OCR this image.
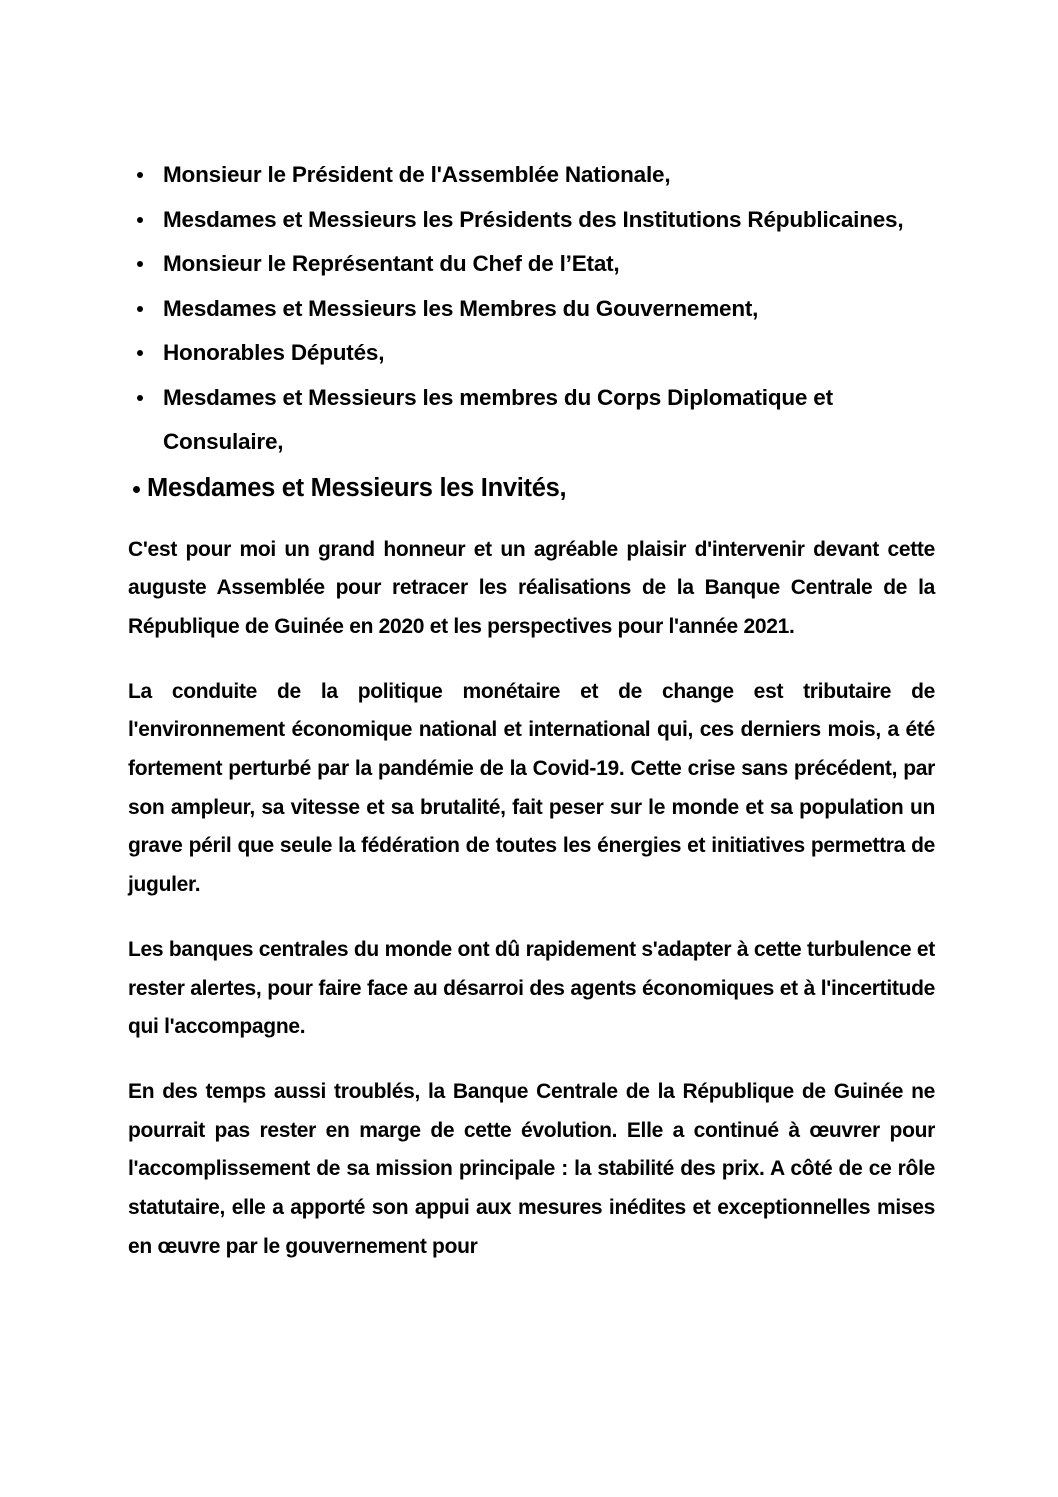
Monsieur le Président de l'Assemblée Nationale,
Mesdames et Messieurs les Présidents des Institutions Républicaines,
Monsieur le Représentant du Chef de l’Etat,
Mesdames et Messieurs les Membres du Gouvernement,
Honorables Députés,
Mesdames et Messieurs les membres du Corps Diplomatique et Consulaire,
Mesdames et Messieurs les Invités,

C'est pour moi un grand honneur et un agréable plaisir d'intervenir devant cette auguste Assemblée pour retracer les réalisations de la Banque Centrale de la République de Guinée en 2020 et les perspectives pour l'année 2021.

La conduite de la politique monétaire et de change est tributaire de l'environnement économique national et international qui, ces derniers mois, a été fortement perturbé par la pandémie de la Covid-19. Cette crise sans précédent, par son ampleur, sa vitesse et sa brutalité, fait peser sur le monde et sa population un grave péril que seule la fédération de toutes les énergies et initiatives permettra de juguler.

Les banques centrales du monde ont dû rapidement s'adapter à cette turbulence et rester alertes, pour faire face au désarroi des agents économiques et à l'incertitude qui l'accompagne.

En des temps aussi troublés, la Banque Centrale de la République de Guinée ne pourrait pas rester en marge de cette évolution. Elle a continué à œuvrer pour l'accomplissement de sa mission principale : la stabilité des prix. A côté de ce rôle statutaire, elle a apporté son appui aux mesures inédites et exceptionnelles mises en œuvre par le gouvernement pour
